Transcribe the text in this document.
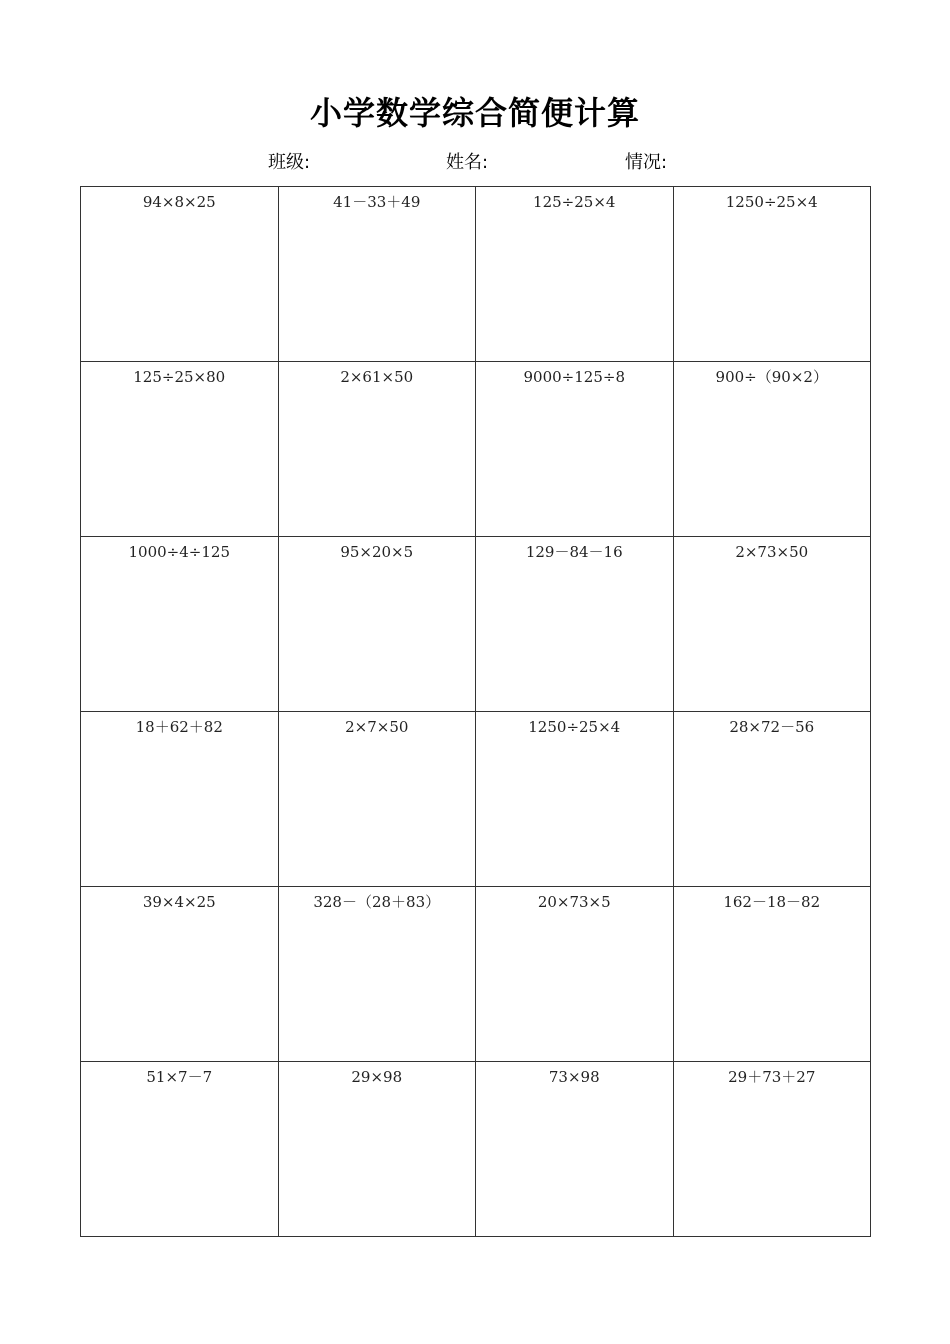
小学数学综合简便计算
班级:	姓名:	情况:
94×8×25	41－33＋49	125÷25×4	1250÷25×4
125÷25×80	2×61×50	9000÷125÷8	900÷（90×2）
1000÷4÷125	95×20×5	129－84－16	2×73×50
18＋62＋82	2×7×50	1250÷25×4	28×72－56
39×4×25	328－（28＋83）	20×73×5	162－18－82
51×7－7	29×98	73×98	29＋73＋27
